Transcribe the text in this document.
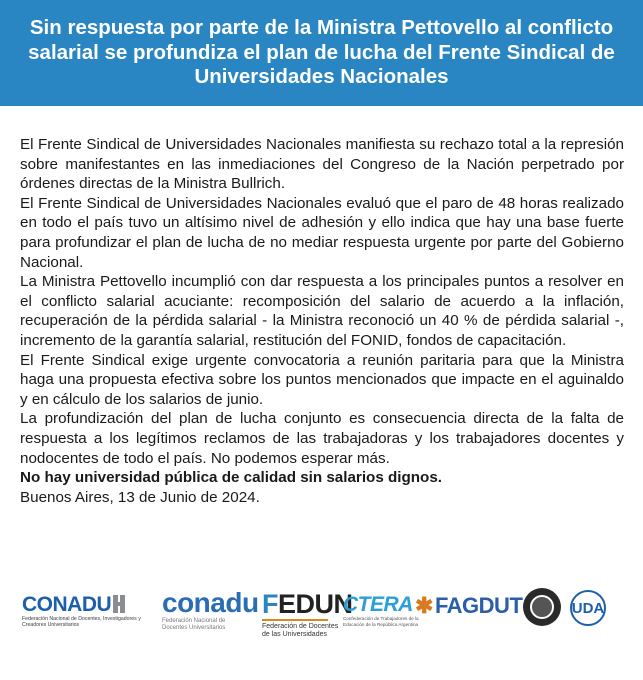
Sin respuesta por parte de la Ministra Pettovello al conflicto salarial se profundiza el plan de lucha del Frente Sindical de Universidades Nacionales

El Frente Sindical de Universidades Nacionales manifiesta su rechazo total a la represión sobre manifestantes en las inmediaciones del Congreso de la Nación perpetrado por órdenes directas de la Ministra Bullrich.

El Frente Sindical de Universidades Nacionales evaluó que el paro de 48 horas realizado en todo el país tuvo un altísimo nivel de adhesión y ello indica que hay una base fuerte para profundizar el plan de lucha de no mediar respuesta urgente por parte del Gobierno Nacional.

La Ministra Pettovello incumplió con dar respuesta a los principales puntos a resolver en el conflicto salarial acuciante: recomposición del salario de acuerdo a la inflación, recuperación de la pérdida salarial - la Ministra reconoció un 40 % de pérdida salarial -, incremento de la garantía salarial, restitución del FONID, fondos de capacitación.

El Frente Sindical exige urgente convocatoria a reunión paritaria para que la Ministra haga una propuesta efectiva sobre los puntos mencionados que impacte en el aguinaldo y en cálculo de los salarios de junio.

La profundización del plan de lucha conjunto es consecuencia directa de la falta de respuesta a los legítimos reclamos de las trabajadoras y los trabajadores docentes y nodocentes de todo el país. No podemos esperar más.

No hay universidad pública de calidad sin salarios dignos.

Buenos Aires, 13 de Junio de 2024.

CONADU
Federación Nacional de Docentes, Investigadores y Creadores Universitarios
conadu
Federación Nacional de
Docentes Universitarios
FEDUN
Federación de Docentes
de las Universidades
CTERA
Confederación de Trabajadores de la
Educación de la República Argentina
✱FAGDUT	UDA
